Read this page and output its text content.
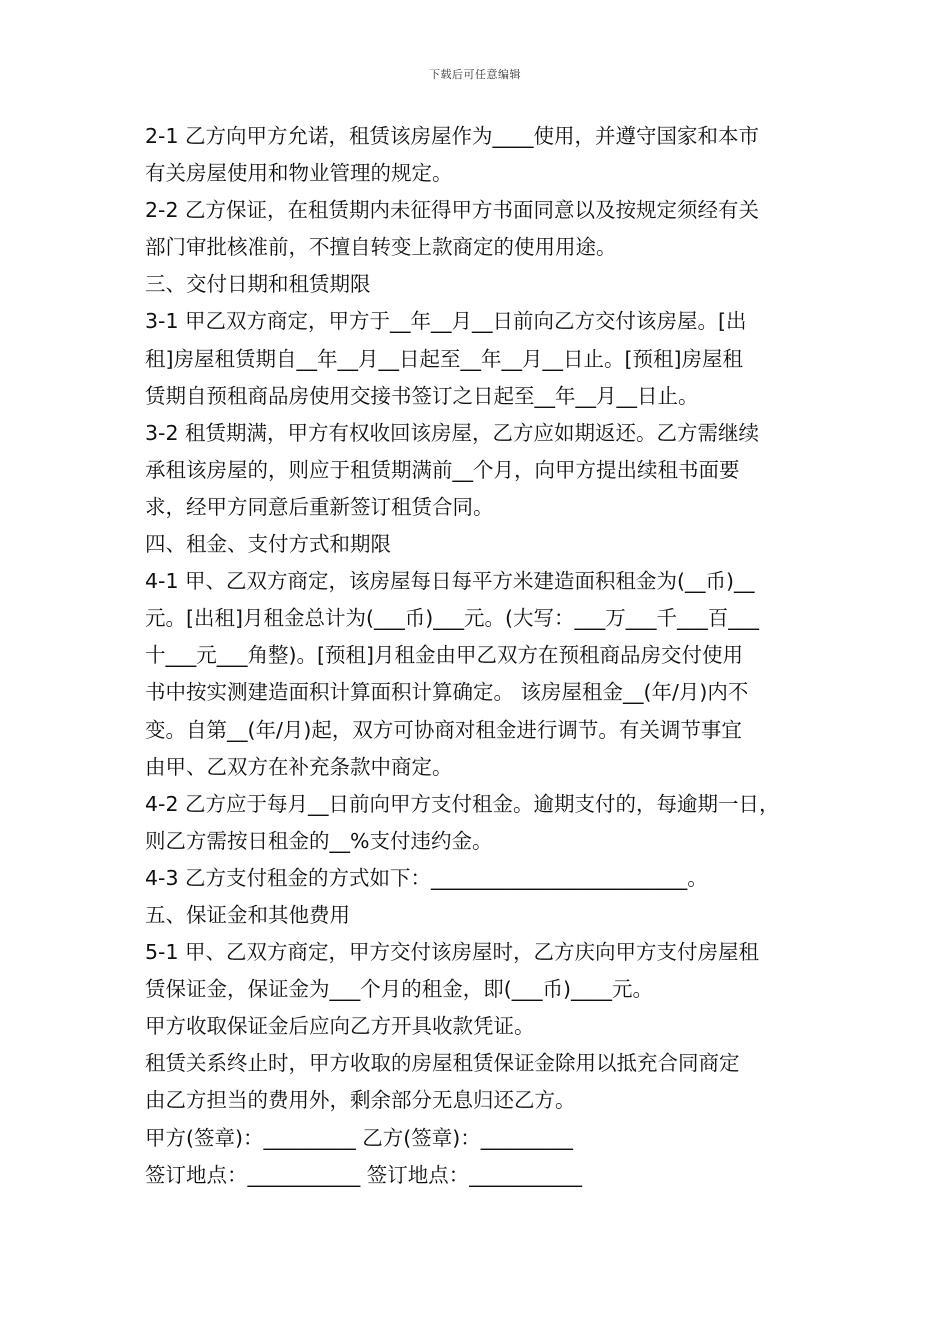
下载后可任意编辑
2-1 乙方向甲方允诺，租赁该房屋作为____使用，并遵守国家和本市
有关房屋使用和物业管理的规定。
2-2 乙方保证，在租赁期内未征得甲方书面同意以及按规定须经有关
部门审批核准前，不擅自转变上款商定的使用用途。
三、交付日期和租赁期限
3-1 甲乙双方商定，甲方于__年__月__日前向乙方交付该房屋。[出
租]房屋租赁期自__年__月__日起至__年__月__日止。[预租]房屋租
赁期自预租商品房使用交接书签订之日起至__年__月__日止。
3-2 租赁期满，甲方有权收回该房屋，乙方应如期返还。乙方需继续
承租该房屋的，则应于租赁期满前__个月，向甲方提出续租书面要
求，经甲方同意后重新签订租赁合同。
四、租金、支付方式和期限
4-1 甲、乙双方商定，该房屋每日每平方米建造面积租金为(__币)__
元。[出租]月租金总计为(___币)___元。(大写：___万___千___百___
十___元___角整)。[预租]月租金由甲乙双方在预租商品房交付使用
书中按实测建造面积计算面积计算确定。 该房屋租金__(年/月)内不
变。自第__(年/月)起，双方可协商对租金进行调节。有关调节事宜
由甲、乙双方在补充条款中商定。
4-2 乙方应于每月__日前向甲方支付租金。逾期支付的，每逾期一日，
则乙方需按日租金的__%支付违约金。
4-3 乙方支付租金的方式如下：_________________________。
五、保证金和其他费用
5-1 甲、乙双方商定，甲方交付该房屋时，乙方庆向甲方支付房屋租
赁保证金，保证金为___个月的租金，即(___币)____元。
甲方收取保证金后应向乙方开具收款凭证。
租赁关系终止时，甲方收取的房屋租赁保证金除用以抵充合同商定
由乙方担当的费用外，剩余部分无息归还乙方。
甲方(签章)：_________ 乙方(签章)：_________
签订地点：___________ 签订地点：___________
